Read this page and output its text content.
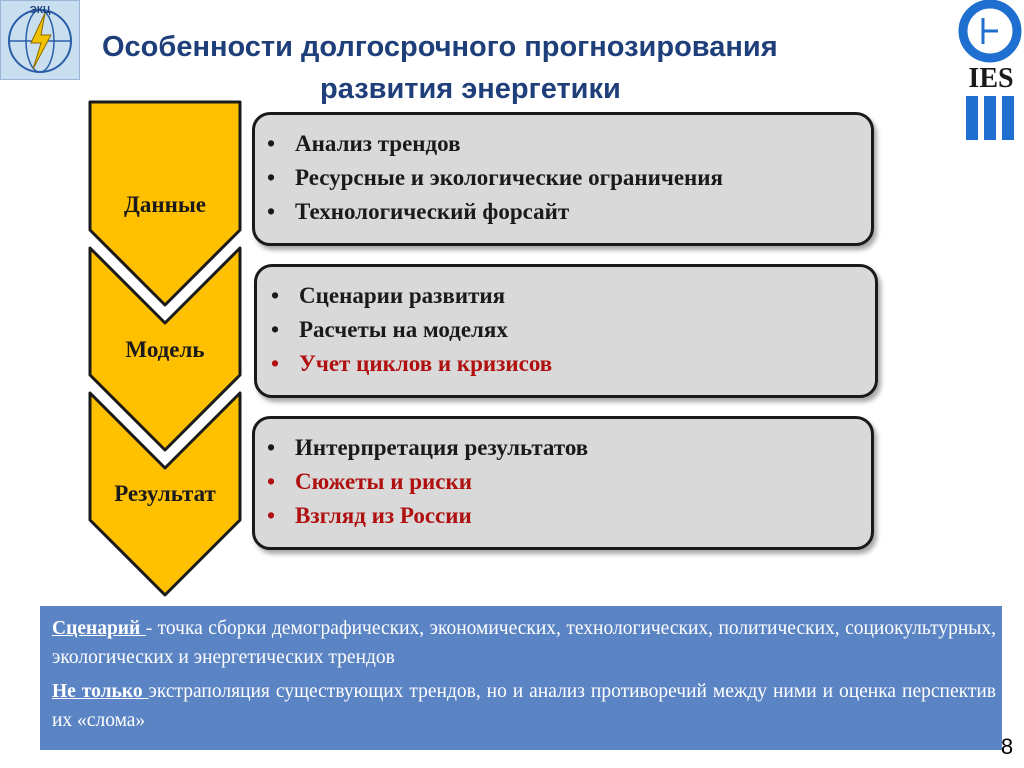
ЭКЦ
Особенности долгосрочного прогнозирования
развития энергетики	IES
Данные
Модель
Результат
• Анализ трендов
• Ресурсные и экологические ограничения
• Технологический форсайт
• Сценарии развития
• Расчеты на моделях
• Учет циклов и кризисов
• Интерпретация результатов
• Сюжеты и риски
• Взгляд из России

Сценарий - точка сборки демографических, экономических, технологических, политических, социокультурных, экологических и энергетических трендов

Не только экстраполяция существующих трендов, но и анализ противоречий между ними и оценка перспектив их «слома»

8
